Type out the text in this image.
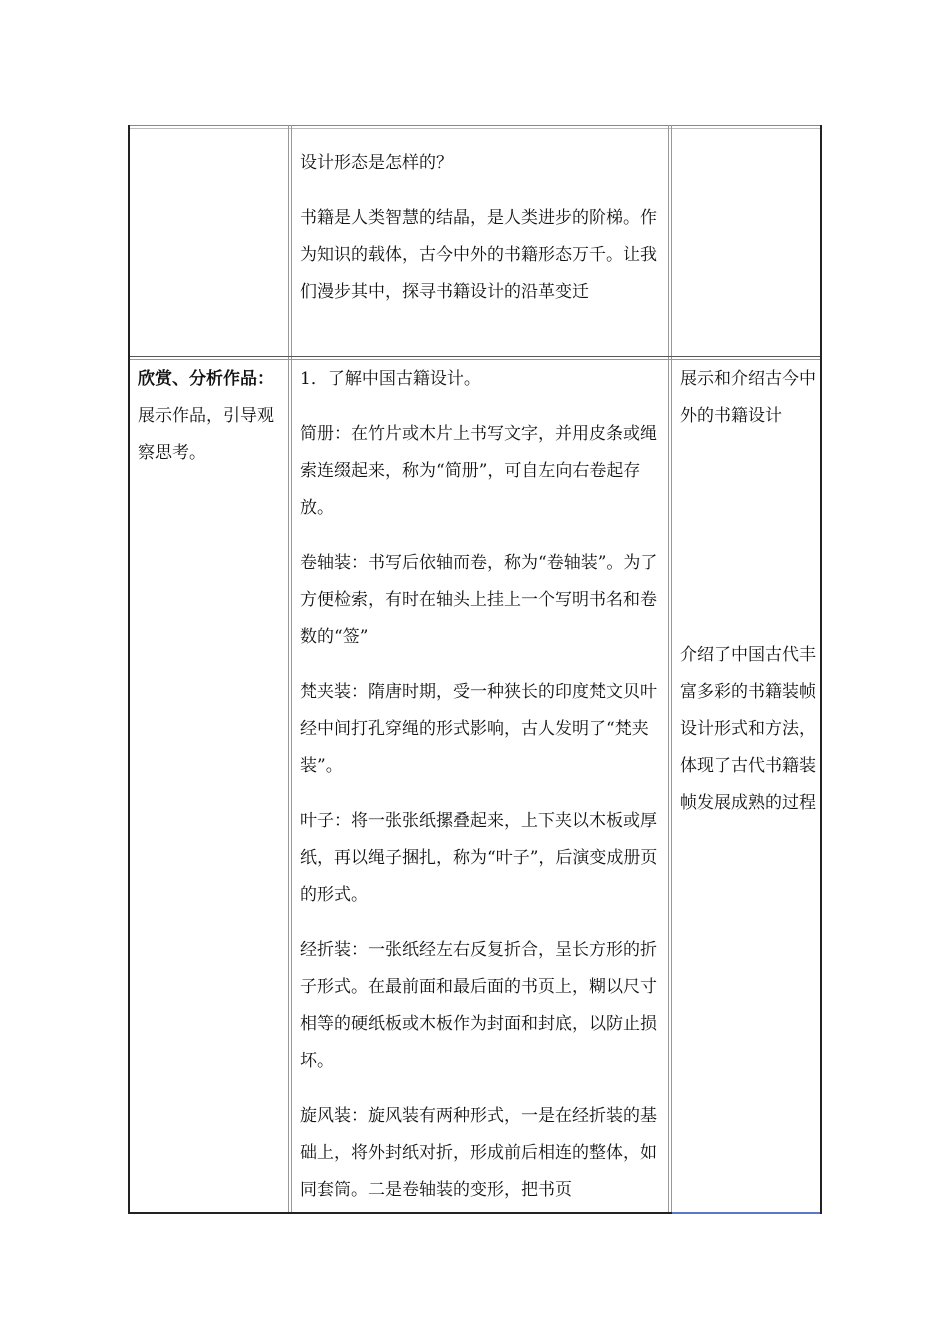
设计形态是怎样的？

书籍是人类智慧的结晶，是人类进步的阶梯。作为知识的载体，古今中外的书籍形态万千。让我们漫步其中，探寻书籍设计的沿革变迁

欣赏、分析作品：展示作品，引导观察思考。

1．了解中国古籍设计。

简册：在竹片或木片上书写文字，并用皮条或绳索连缀起来，称为“简册”，可自左向右卷起存放。

卷轴装：书写后依轴而卷，称为“卷轴装”。为了方便检索，有时在轴头上挂上一个写明书名和卷数的“签”

梵夹装：隋唐时期，受一种狭长的印度梵文贝叶经中间打孔穿绳的形式影响，古人发明了“梵夹装”。

叶子：将一张张纸摞叠起来，上下夹以木板或厚纸，再以绳子捆扎，称为“叶子”，后演变成册页的形式。

经折装：一张纸经左右反复折合，呈长方形的折子形式。在最前面和最后面的书页上，糊以尺寸相等的硬纸板或木板作为封面和封底，以防止损坏。

旋风装：旋风装有两种形式，一是在经折装的基础上，将外封纸对折，形成前后相连的整体，如同套筒。二是卷轴装的变形，把书页

展示和介绍古今中外的书籍设计

介绍了中国古代丰富多彩的书籍装帧设计形式和方法，体现了古代书籍装帧发展成熟的过程
